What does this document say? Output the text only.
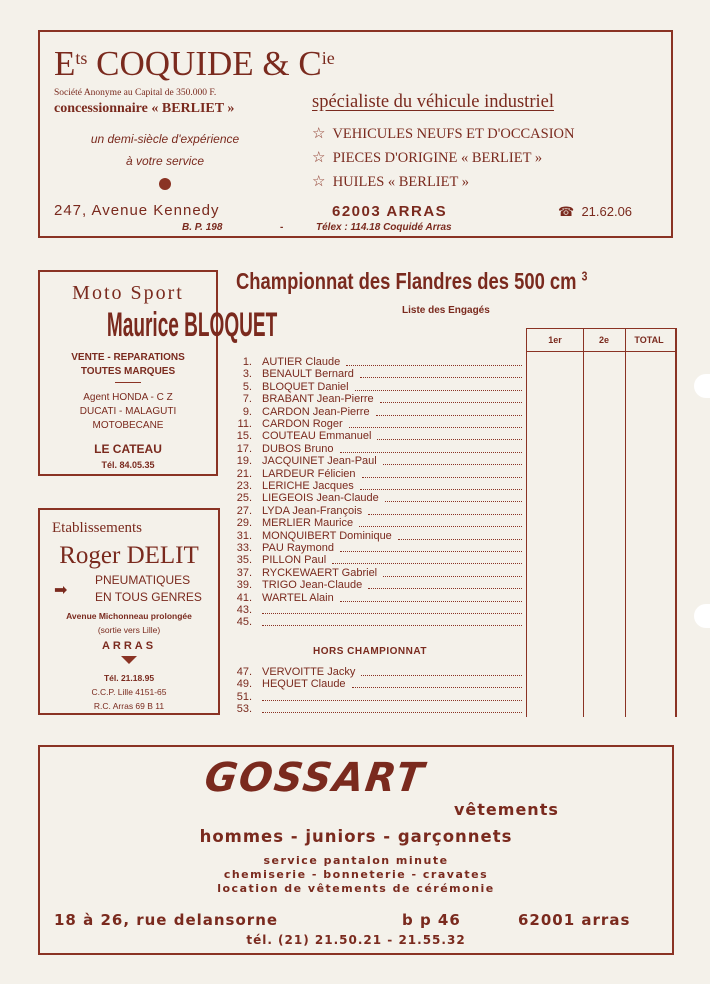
$E^{ts}$ COQUIDE & $C^{ie}$
Société Anonyme au Capital de 350.000 F.
concessionnaire « BERLIET »	spécialiste du véhicule industriel
un demi-siècle d'expérience
à votre service
☆ VEHICULES NEUFS ET D'OCCASION
☆ PIECES D'ORIGINE « BERLIET »
☆ HUILES « BERLIET »
247, Avenue Kennedy	62003 ARRAS	☎ 21.62.06
B. P. 198	-	Télex : 114.18 Coquidé Arras
Moto Sport
Maurice BLOQUET
VENTE - REPARATIONS
TOUTES MARQUES
Agent HONDA - C Z
DUCATI - MALAGUTI
MOTOBECANE
LE CATEAU
Tél. 84.05.35
Etablissements
Roger DELIT
➡
PNEUMATIQUES
EN TOUS GENRES
Avenue Michonneau prolongée
(sortie vers Lille)
ARRAS
Tél. 21.18.95
C.C.P. Lille 4151-65
R.C. Arras 69 B 11
Championnat des Flandres des 500 cm $^3$
Liste des Engagés
1er	2e	TOTAL
1. AUTIER Claude
3. BENAULT Bernard
5. BLOQUET Daniel
7. BRABANT Jean-Pierre
9. CARDON Jean-Pierre
11. CARDON Roger
15. COUTEAU Emmanuel
17. DUBOS Bruno
19. JACQUINET Jean-Paul
21. LARDEUR Félicien
23. LERICHE Jacques
25. LIEGEOIS Jean-Claude
27. LYDA Jean-François
29. MERLIER Maurice
31. MONQUIBERT Dominique
33. PAU Raymond
35. PILLON Paul
37. RYCKEWAERT Gabriel
39. TRIGO Jean-Claude
41. WARTEL Alain
43.
45.
47. VERVOITTE Jacky
49. HEQUET Claude
51.
53.
HORS CHAMPIONNAT
GOSSART
vêtements
hommes - juniors - garçonnets
service pantalon minute
chemiserie - bonneterie - cravates
location de vêtements de cérémonie
18 à 26, rue delansorne	b p 46	62001 arras
tél. (21) 21.50.21 - 21.55.32
